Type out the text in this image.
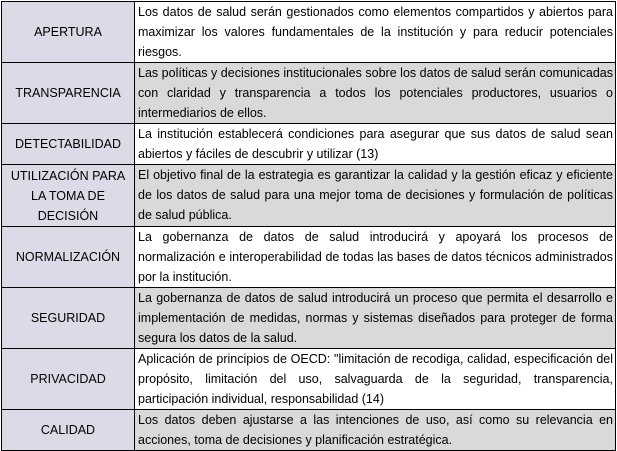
APERTURA	Los datos de salud serán gestionados como elementos compartidos y abiertos para maximizar los valores fundamentales de la institución y para reducir potenciales riesgos.
TRANSPARENCIA	Las políticas y decisiones institucionales sobre los datos de salud serán comunicadas con claridad y transparencia a todos los potenciales productores, usuarios o intermediarios de ellos.
DETECTABILIDAD	La institución establecerá condiciones para asegurar que sus datos de salud sean abiertos y fáciles de descubrir y utilizar (13)
UTILIZACIÓN PARA LA TOMA DE DECISIÓN	El objetivo final de la estrategia es garantizar la calidad y la gestión eficaz y eficiente de los datos de salud para una mejor toma de decisiones y formulación de políticas de salud pública.
NORMALIZACIÓN	La gobernanza de datos de salud introducirá y apoyará los procesos de normalización e interoperabilidad de todas las bases de datos técnicos administrados por la institución.
SEGURIDAD	La gobernanza de datos de salud introducirá un proceso que permita el desarrollo e implementación de medidas, normas y sistemas diseñados para proteger de forma segura los datos de la salud.
PRIVACIDAD	Aplicación de principios de OECD: "limitación de recodiga, calidad, especificación del propósito, limitación del uso, salvaguarda de la seguridad, transparencia, participación individual, responsabilidad (14)
CALIDAD	Los datos deben ajustarse a las intenciones de uso, así como su relevancia en acciones, toma de decisiones y planificación estratégica.
